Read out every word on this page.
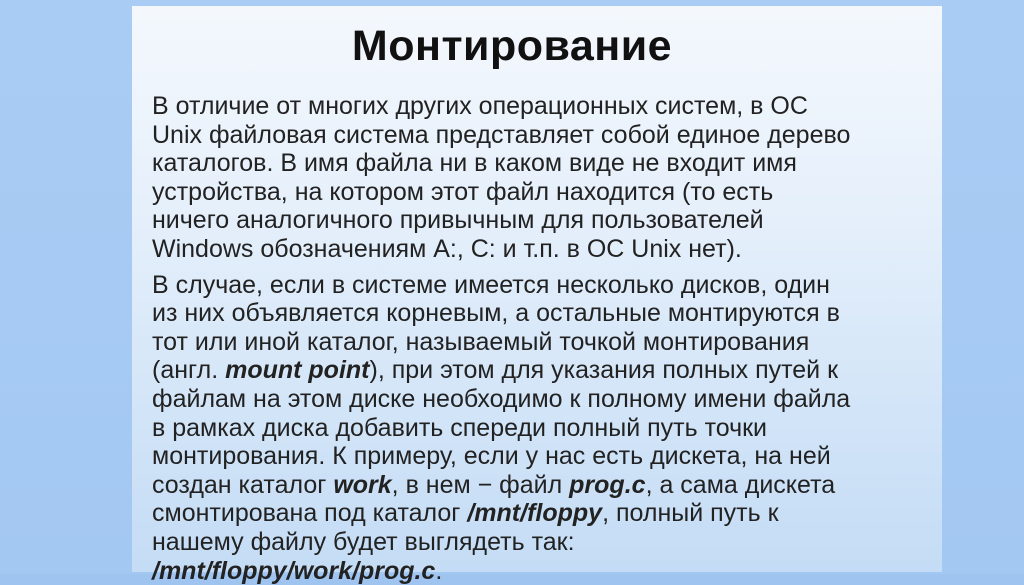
Монтирование

В отличие от многих других операционных систем, в ОС
Unix файловая система представляет собой единое дерево
каталогов. В имя файла ни в каком виде не входит имя
устройства, на котором этот файл находится (то есть
ничего аналогичного привычным для пользователей
Windows обозначениям A:, C: и т.п. в ОС Unix нет).

В случае, если в системе имеется несколько дисков, один
из них объявляется корневым, а остальные монтируются в
тот или иной каталог, называемый точкой монтирования
(англ. mount point), при этом для указания полных путей к
файлам на этом диске необходимо к полному имени файла
в рамках диска добавить спереди полный путь точки
монтирования. К примеру, если у нас есть дискета, на ней
создан каталог work, в нем − файл prog.c, а сама дискета
смонтирована под каталог /mnt/floppy, полный путь к
нашему файлу будет выглядеть так:
/mnt/floppy/work/prog.c.
